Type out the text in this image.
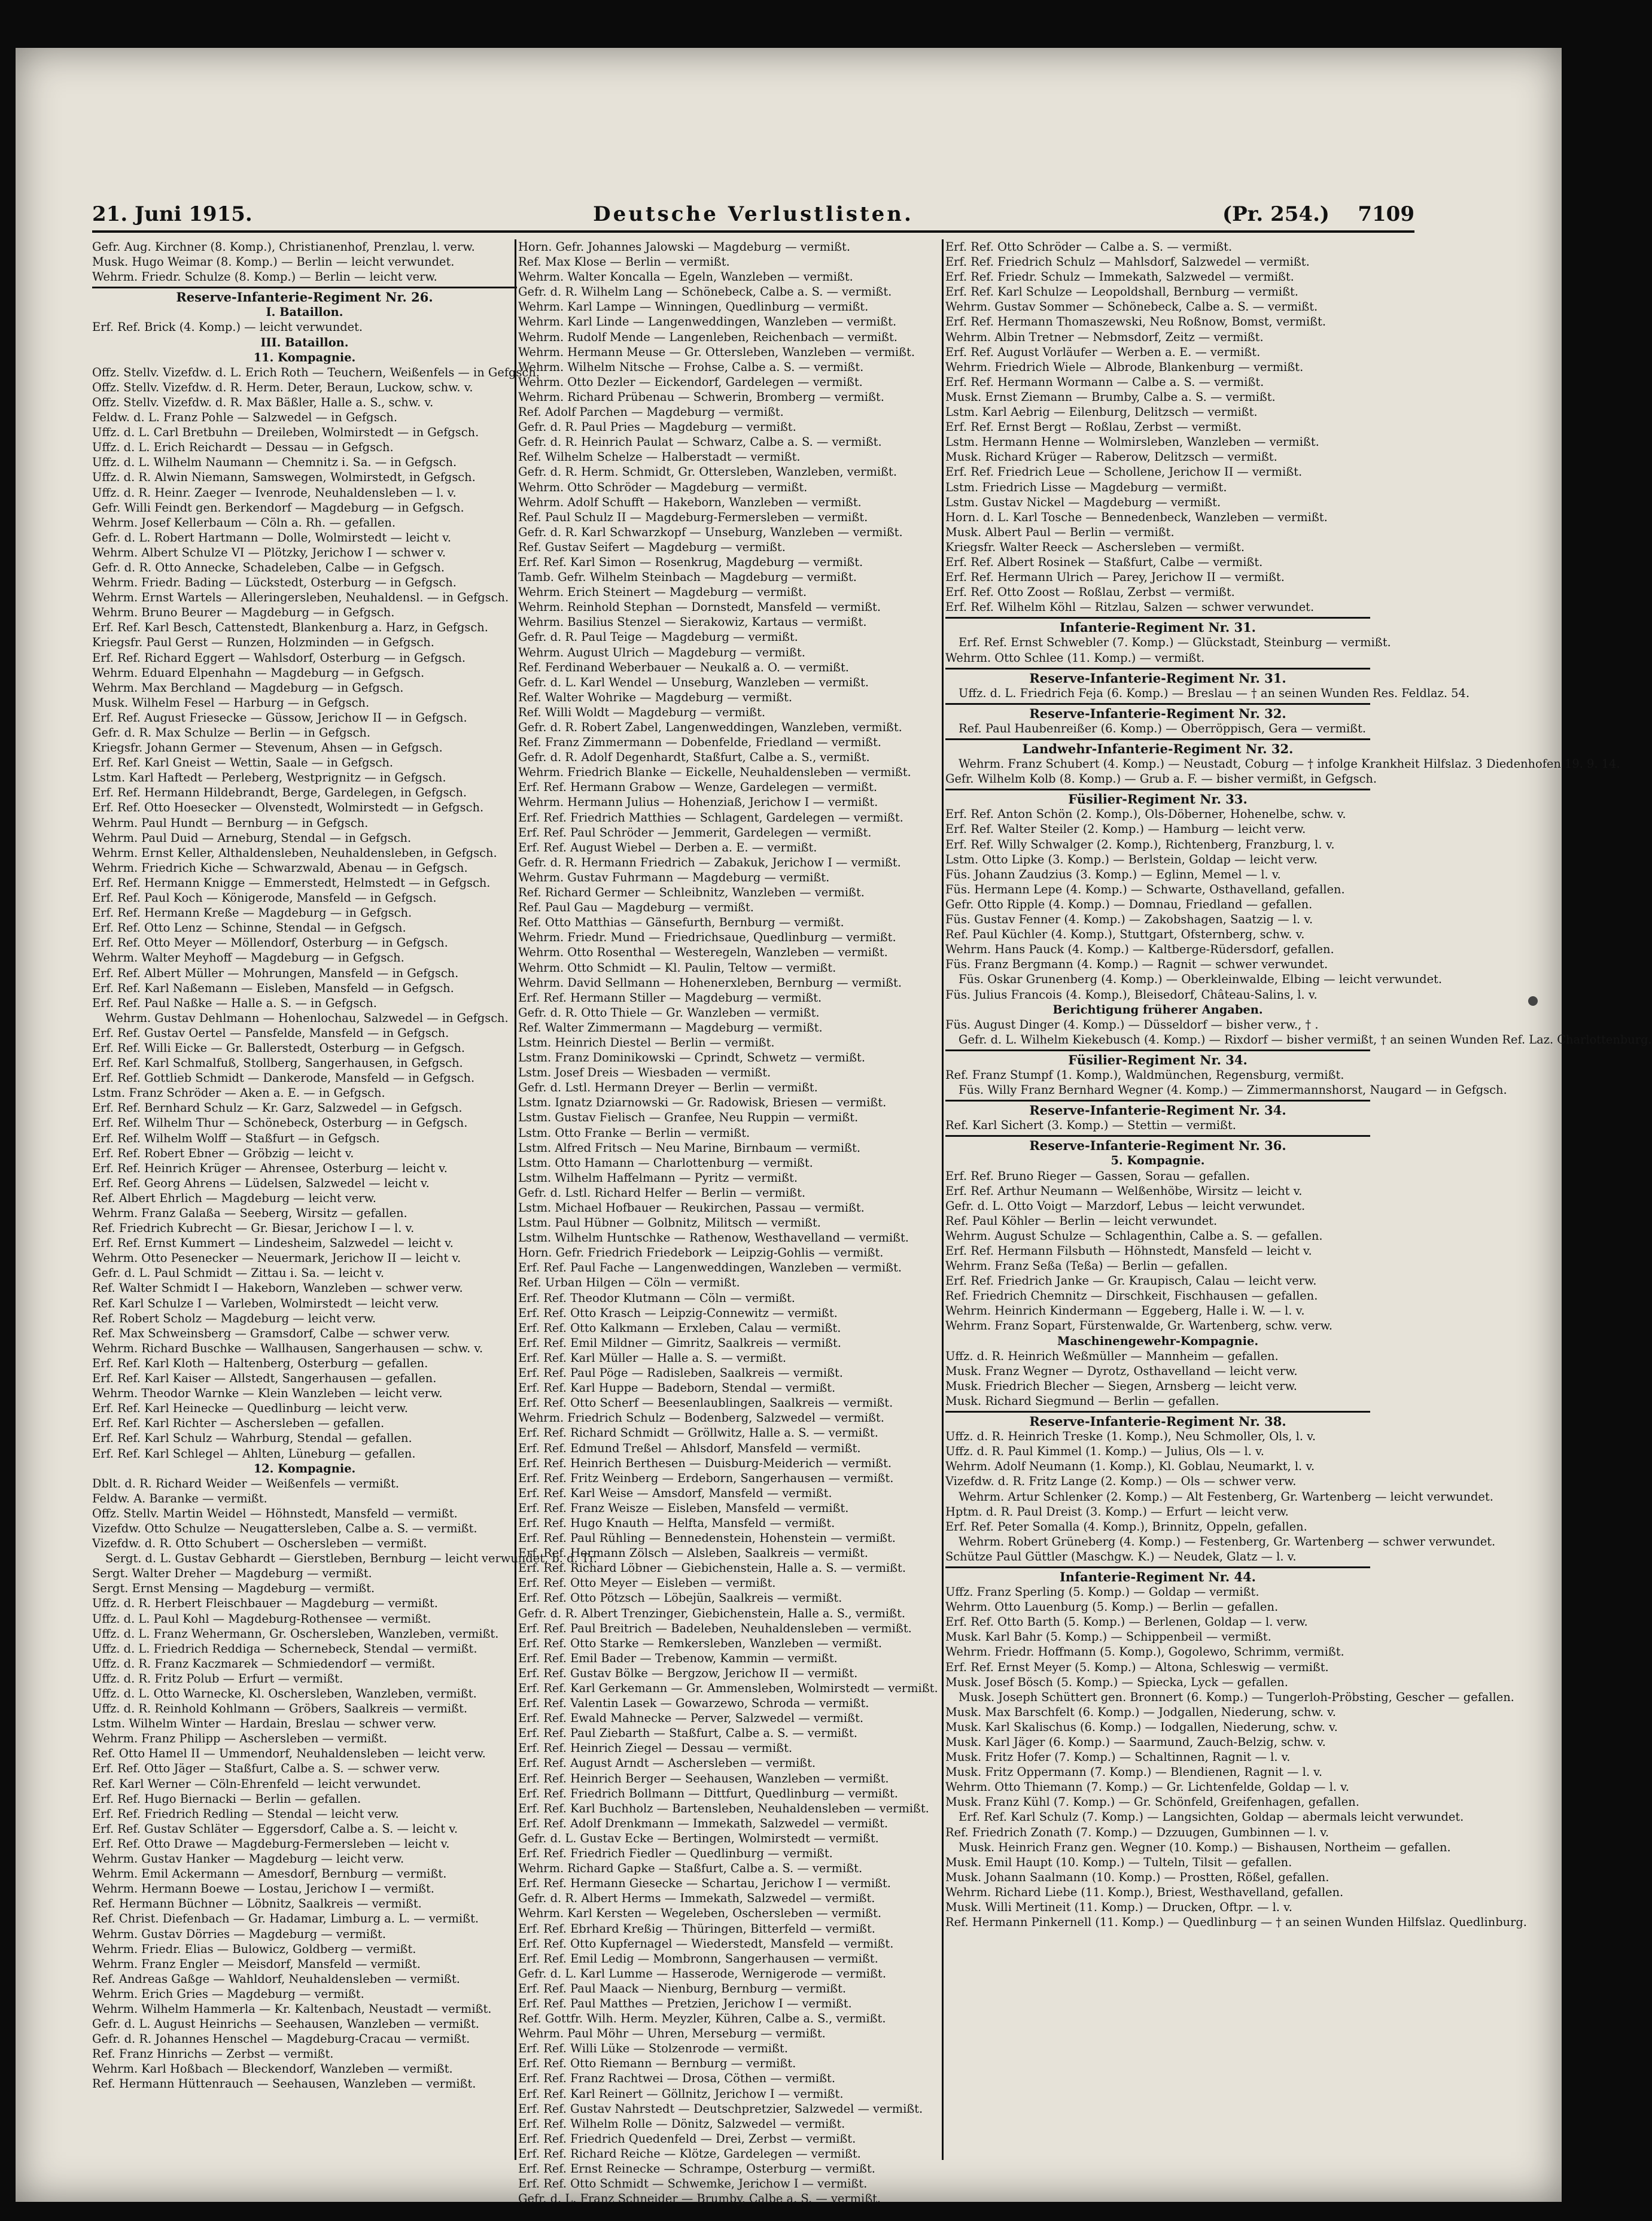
21. Juni 1915.	Deutsche Verlustlisten.	(Pr. 254.) 7109
Gefr. Aug. Kirchner (8. Komp.), Christianenhof, Prenzlau, l. verw.
Musk. Hugo Weimar (8. Komp.) — Berlin — leicht verwundet.
Wehrm. Friedr. Schulze (8. Komp.) — Berlin — leicht verw.
Reserve-Infanterie-Regiment Nr. 26.
I. Bataillon.
Erf. Ref. Brick (4. Komp.) — leicht verwundet.
III. Bataillon.
11. Kompagnie.
Offz. Stellv. Vizefdw. d. L. Erich Roth — Teuchern, Weißenfels — in Gefgsch.
Offz. Stellv. Vizefdw. d. R. Herm. Deter, Beraun, Luckow, schw. v.
Offz. Stellv. Vizefdw. d. R. Max Bäßler, Halle a. S., schw. v.
Feldw. d. L. Franz Pohle — Salzwedel — in Gefgsch.
Uffz. d. L. Carl Bretbuhn — Dreileben, Wolmirstedt — in Gefgsch.
Uffz. d. L. Erich Reichardt — Dessau — in Gefgsch.
Uffz. d. L. Wilhelm Naumann — Chemnitz i. Sa. — in Gefgsch.
Uffz. d. R. Alwin Niemann, Samswegen, Wolmirstedt, in Gefgsch.
Uffz. d. R. Heinr. Zaeger — Ivenrode, Neuhaldensleben — l. v.
Gefr. Willi Feindt gen. Berkendorf — Magdeburg — in Gefgsch.
Wehrm. Josef Kellerbaum — Cöln a. Rh. — gefallen.
Gefr. d. L. Robert Hartmann — Dolle, Wolmirstedt — leicht v.
Wehrm. Albert Schulze VI — Plötzky, Jerichow I — schwer v.
Gefr. d. R. Otto Annecke, Schadeleben, Calbe — in Gefgsch.
Wehrm. Friedr. Bading — Lückstedt, Osterburg — in Gefgsch.
Wehrm. Ernst Wartels — Alleringersleben, Neuhaldensl. — in Gefgsch.
Wehrm. Bruno Beurer — Magdeburg — in Gefgsch.
Erf. Ref. Karl Besch, Cattenstedt, Blankenburg a. Harz, in Gefgsch.
Kriegsfr. Paul Gerst — Runzen, Holzminden — in Gefgsch.
Erf. Ref. Richard Eggert — Wahlsdorf, Osterburg — in Gefgsch.
Wehrm. Eduard Elpenhahn — Magdeburg — in Gefgsch.
Wehrm. Max Berchland — Magdeburg — in Gefgsch.
Musk. Wilhelm Fesel — Harburg — in Gefgsch.
Erf. Ref. August Friesecke — Güssow, Jerichow II — in Gefgsch.
Gefr. d. R. Max Schulze — Berlin — in Gefgsch.
Kriegsfr. Johann Germer — Stevenum, Ahsen — in Gefgsch.
Erf. Ref. Karl Gneist — Wettin, Saale — in Gefgsch.
Lstm. Karl Haftedt — Perleberg, Westprignitz — in Gefgsch.
Erf. Ref. Hermann Hildebrandt, Berge, Gardelegen, in Gefgsch.
Erf. Ref. Otto Hoesecker — Olvenstedt, Wolmirstedt — in Gefgsch.
Wehrm. Paul Hundt — Bernburg — in Gefgsch.
Wehrm. Paul Duid — Arneburg, Stendal — in Gefgsch.
Wehrm. Ernst Keller, Althaldensleben, Neuhaldensleben, in Gefgsch.
Wehrm. Friedrich Kiche — Schwarzwald, Abenau — in Gefgsch.
Erf. Ref. Hermann Knigge — Emmerstedt, Helmstedt — in Gefgsch.
Erf. Ref. Paul Koch — Königerode, Mansfeld — in Gefgsch.
Erf. Ref. Hermann Kreße — Magdeburg — in Gefgsch.
Erf. Ref. Otto Lenz — Schinne, Stendal — in Gefgsch.
Erf. Ref. Otto Meyer — Möllendorf, Osterburg — in Gefgsch.
Wehrm. Walter Meyhoff — Magdeburg — in Gefgsch.
Erf. Ref. Albert Müller — Mohrungen, Mansfeld — in Gefgsch.
Erf. Ref. Karl Naßemann — Eisleben, Mansfeld — in Gefgsch.
Erf. Ref. Paul Naßke — Halle a. S. — in Gefgsch.
Wehrm. Gustav Dehlmann — Hohenlochau, Salzwedel — in Gefgsch.
Erf. Ref. Gustav Oertel — Pansfelde, Mansfeld — in Gefgsch.
Erf. Ref. Willi Eicke — Gr. Ballerstedt, Osterburg — in Gefgsch.
Erf. Ref. Karl Schmalfuß, Stollberg, Sangerhausen, in Gefgsch.
Erf. Ref. Gottlieb Schmidt — Dankerode, Mansfeld — in Gefgsch.
Lstm. Franz Schröder — Aken a. E. — in Gefgsch.
Erf. Ref. Bernhard Schulz — Kr. Garz, Salzwedel — in Gefgsch.
Erf. Ref. Wilhelm Thur — Schönebeck, Osterburg — in Gefgsch.
Erf. Ref. Wilhelm Wolff — Staßfurt — in Gefgsch.
Erf. Ref. Robert Ebner — Gröbzig — leicht v.
Erf. Ref. Heinrich Krüger — Ahrensee, Osterburg — leicht v.
Erf. Ref. Georg Ahrens — Lüdelsen, Salzwedel — leicht v.
Ref. Albert Ehrlich — Magdeburg — leicht verw.
Wehrm. Franz Galaßa — Seeberg, Wirsitz — gefallen.
Ref. Friedrich Kubrecht — Gr. Biesar, Jerichow I — l. v.
Erf. Ref. Ernst Kummert — Lindesheim, Salzwedel — leicht v.
Wehrm. Otto Pesenecker — Neuermark, Jerichow II — leicht v.
Gefr. d. L. Paul Schmidt — Zittau i. Sa. — leicht v.
Ref. Walter Schmidt I — Hakeborn, Wanzleben — schwer verw.
Ref. Karl Schulze I — Varleben, Wolmirstedt — leicht verw.
Ref. Robert Scholz — Magdeburg — leicht verw.
Ref. Max Schweinsberg — Gramsdorf, Calbe — schwer verw.
Wehrm. Richard Buschke — Wallhausen, Sangerhausen — schw. v.
Erf. Ref. Karl Kloth — Haltenberg, Osterburg — gefallen.
Erf. Ref. Karl Kaiser — Allstedt, Sangerhausen — gefallen.
Wehrm. Theodor Warnke — Klein Wanzleben — leicht verw.
Erf. Ref. Karl Heinecke — Quedlinburg — leicht verw.
Erf. Ref. Karl Richter — Aschersleben — gefallen.
Erf. Ref. Karl Schulz — Wahrburg, Stendal — gefallen.
Erf. Ref. Karl Schlegel — Ahlten, Lüneburg — gefallen.
12. Kompagnie.
Dblt. d. R. Richard Weider — Weißenfels — vermißt.
Feldw. A. Baranke — vermißt.
Offz. Stellv. Martin Weidel — Höhnstedt, Mansfeld — vermißt.
Vizefdw. Otto Schulze — Neugattersleben, Calbe a. S. — vermißt.
Vizefdw. d. R. Otto Schubert — Oschersleben — vermißt.
Sergt. d. L. Gustav Gebhardt — Gierstleben, Bernburg — leicht verwundet, b. d. Tr.
Sergt. Walter Dreher — Magdeburg — vermißt.
Sergt. Ernst Mensing — Magdeburg — vermißt.
Uffz. d. R. Herbert Fleischbauer — Magdeburg — vermißt.
Uffz. d. L. Paul Kohl — Magdeburg-Rothensee — vermißt.
Uffz. d. L. Franz Wehermann, Gr. Oschersleben, Wanzleben, vermißt.
Uffz. d. L. Friedrich Reddiga — Schernebeck, Stendal — vermißt.
Uffz. d. R. Franz Kaczmarek — Schmiedendorf — vermißt.
Uffz. d. R. Fritz Polub — Erfurt — vermißt.
Uffz. d. L. Otto Warnecke, Kl. Oschersleben, Wanzleben, vermißt.
Uffz. d. R. Reinhold Kohlmann — Gröbers, Saalkreis — vermißt.
Lstm. Wilhelm Winter — Hardain, Breslau — schwer verw.
Wehrm. Franz Philipp — Aschersleben — vermißt.
Ref. Otto Hamel II — Ummendorf, Neuhaldensleben — leicht verw.
Erf. Ref. Otto Jäger — Staßfurt, Calbe a. S. — schwer verw.
Ref. Karl Werner — Cöln-Ehrenfeld — leicht verwundet.
Erf. Ref. Hugo Biernacki — Berlin — gefallen.
Erf. Ref. Friedrich Redling — Stendal — leicht verw.
Erf. Ref. Gustav Schläter — Eggersdorf, Calbe a. S. — leicht v.
Erf. Ref. Otto Drawe — Magdeburg-Fermersleben — leicht v.
Wehrm. Gustav Hanker — Magdeburg — leicht verw.
Wehrm. Emil Ackermann — Amesdorf, Bernburg — vermißt.
Wehrm. Hermann Boewe — Lostau, Jerichow I — vermißt.
Ref. Hermann Büchner — Löbnitz, Saalkreis — vermißt.
Ref. Christ. Diefenbach — Gr. Hadamar, Limburg a. L. — vermißt.
Wehrm. Gustav Dörries — Magdeburg — vermißt.
Wehrm. Friedr. Elias — Bulowicz, Goldberg — vermißt.
Wehrm. Franz Engler — Meisdorf, Mansfeld — vermißt.
Ref. Andreas Gaßge — Wahldorf, Neuhaldensleben — vermißt.
Wehrm. Erich Gries — Magdeburg — vermißt.
Wehrm. Wilhelm Hammerla — Kr. Kaltenbach, Neustadt — vermißt.
Gefr. d. L. August Heinrichs — Seehausen, Wanzleben — vermißt.
Gefr. d. R. Johannes Henschel — Magdeburg-Cracau — vermißt.
Ref. Franz Hinrichs — Zerbst — vermißt.
Wehrm. Karl Hoßbach — Bleckendorf, Wanzleben — vermißt.
Ref. Hermann Hüttenrauch — Seehausen, Wanzleben — vermißt.
Horn. Gefr. Johannes Jalowski — Magdeburg — vermißt.
Ref. Max Klose — Berlin — vermißt.
Wehrm. Walter Koncalla — Egeln, Wanzleben — vermißt.
Gefr. d. R. Wilhelm Lang — Schönebeck, Calbe a. S. — vermißt.
Wehrm. Karl Lampe — Winningen, Quedlinburg — vermißt.
Wehrm. Karl Linde — Langenweddingen, Wanzleben — vermißt.
Wehrm. Rudolf Mende — Langenleben, Reichenbach — vermißt.
Wehrm. Hermann Meuse — Gr. Ottersleben, Wanzleben — vermißt.
Wehrm. Wilhelm Nitsche — Frohse, Calbe a. S. — vermißt.
Wehrm. Otto Dezler — Eickendorf, Gardelegen — vermißt.
Wehrm. Richard Prübenau — Schwerin, Bromberg — vermißt.
Ref. Adolf Parchen — Magdeburg — vermißt.
Gefr. d. R. Paul Pries — Magdeburg — vermißt.
Gefr. d. R. Heinrich Paulat — Schwarz, Calbe a. S. — vermißt.
Ref. Wilhelm Schelze — Halberstadt — vermißt.
Gefr. d. R. Herm. Schmidt, Gr. Ottersleben, Wanzleben, vermißt.
Wehrm. Otto Schröder — Magdeburg — vermißt.
Wehrm. Adolf Schufft — Hakeborn, Wanzleben — vermißt.
Ref. Paul Schulz II — Magdeburg-Fermersleben — vermißt.
Gefr. d. R. Karl Schwarzkopf — Unseburg, Wanzleben — vermißt.
Ref. Gustav Seifert — Magdeburg — vermißt.
Erf. Ref. Karl Simon — Rosenkrug, Magdeburg — vermißt.
Tamb. Gefr. Wilhelm Steinbach — Magdeburg — vermißt.
Wehrm. Erich Steinert — Magdeburg — vermißt.
Wehrm. Reinhold Stephan — Dornstedt, Mansfeld — vermißt.
Wehrm. Basilius Stenzel — Sierakowiz, Kartaus — vermißt.
Gefr. d. R. Paul Teige — Magdeburg — vermißt.
Wehrm. August Ulrich — Magdeburg — vermißt.
Ref. Ferdinand Weberbauer — Neukalß a. O. — vermißt.
Gefr. d. L. Karl Wendel — Unseburg, Wanzleben — vermißt.
Ref. Walter Wohrike — Magdeburg — vermißt.
Ref. Willi Woldt — Magdeburg — vermißt.
Gefr. d. R. Robert Zabel, Langenweddingen, Wanzleben, vermißt.
Ref. Franz Zimmermann — Dobenfelde, Friedland — vermißt.
Gefr. d. R. Adolf Degenhardt, Staßfurt, Calbe a. S., vermißt.
Wehrm. Friedrich Blanke — Eickelle, Neuhaldensleben — vermißt.
Erf. Ref. Hermann Grabow — Wenze, Gardelegen — vermißt.
Wehrm. Hermann Julius — Hohenziaß, Jerichow I — vermißt.
Erf. Ref. Friedrich Matthies — Schlagent, Gardelegen — vermißt.
Erf. Ref. Paul Schröder — Jemmerit, Gardelegen — vermißt.
Erf. Ref. August Wiebel — Derben a. E. — vermißt.
Gefr. d. R. Hermann Friedrich — Zabakuk, Jerichow I — vermißt.
Wehrm. Gustav Fuhrmann — Magdeburg — vermißt.
Ref. Richard Germer — Schleibnitz, Wanzleben — vermißt.
Ref. Paul Gau — Magdeburg — vermißt.
Ref. Otto Matthias — Gänsefurth, Bernburg — vermißt.
Wehrm. Friedr. Mund — Friedrichsaue, Quedlinburg — vermißt.
Wehrm. Otto Rosenthal — Westeregeln, Wanzleben — vermißt.
Wehrm. Otto Schmidt — Kl. Paulin, Teltow — vermißt.
Wehrm. David Sellmann — Hohenerxleben, Bernburg — vermißt.
Erf. Ref. Hermann Stiller — Magdeburg — vermißt.
Gefr. d. R. Otto Thiele — Gr. Wanzleben — vermißt.
Ref. Walter Zimmermann — Magdeburg — vermißt.
Lstm. Heinrich Diestel — Berlin — vermißt.
Lstm. Franz Dominikowski — Cprindt, Schwetz — vermißt.
Lstm. Josef Dreis — Wiesbaden — vermißt.
Gefr. d. Lstl. Hermann Dreyer — Berlin — vermißt.
Lstm. Ignatz Dziarnowski — Gr. Radowisk, Briesen — vermißt.
Lstm. Gustav Fielisch — Granfee, Neu Ruppin — vermißt.
Lstm. Otto Franke — Berlin — vermißt.
Lstm. Alfred Fritsch — Neu Marine, Birnbaum — vermißt.
Lstm. Otto Hamann — Charlottenburg — vermißt.
Lstm. Wilhelm Haffelmann — Pyritz — vermißt.
Gefr. d. Lstl. Richard Helfer — Berlin — vermißt.
Lstm. Michael Hofbauer — Reukirchen, Passau — vermißt.
Lstm. Paul Hübner — Golbnitz, Militsch — vermißt.
Lstm. Wilhelm Huntschke — Rathenow, Westhavelland — vermißt.
Horn. Gefr. Friedrich Friedebork — Leipzig-Gohlis — vermißt.
Erf. Ref. Paul Fache — Langenweddingen, Wanzleben — vermißt.
Ref. Urban Hilgen — Cöln — vermißt.
Erf. Ref. Theodor Klutmann — Cöln — vermißt.
Erf. Ref. Otto Krasch — Leipzig-Connewitz — vermißt.
Erf. Ref. Otto Kalkmann — Erxleben, Calau — vermißt.
Erf. Ref. Emil Mildner — Gimritz, Saalkreis — vermißt.
Erf. Ref. Karl Müller — Halle a. S. — vermißt.
Erf. Ref. Paul Pöge — Radisleben, Saalkreis — vermißt.
Erf. Ref. Karl Huppe — Badeborn, Stendal — vermißt.
Erf. Ref. Otto Scherf — Beesenlaublingen, Saalkreis — vermißt.
Wehrm. Friedrich Schulz — Bodenberg, Salzwedel — vermißt.
Erf. Ref. Richard Schmidt — Gröllwitz, Halle a. S. — vermißt.
Erf. Ref. Edmund Treßel — Ahlsdorf, Mansfeld — vermißt.
Erf. Ref. Heinrich Berthesen — Duisburg-Meiderich — vermißt.
Erf. Ref. Fritz Weinberg — Erdeborn, Sangerhausen — vermißt.
Erf. Ref. Karl Weise — Amsdorf, Mansfeld — vermißt.
Erf. Ref. Franz Weisze — Eisleben, Mansfeld — vermißt.
Erf. Ref. Hugo Knauth — Helfta, Mansfeld — vermißt.
Erf. Ref. Paul Rühling — Bennedenstein, Hohenstein — vermißt.
Erf. Ref. Hermann Zölsch — Alsleben, Saalkreis — vermißt.
Erf. Ref. Richard Löbner — Giebichenstein, Halle a. S. — vermißt.
Erf. Ref. Otto Meyer — Eisleben — vermißt.
Erf. Ref. Otto Pötzsch — Löbejün, Saalkreis — vermißt.
Gefr. d. R. Albert Trenzinger, Giebichenstein, Halle a. S., vermißt.
Erf. Ref. Paul Breitrich — Badeleben, Neuhaldensleben — vermißt.
Erf. Ref. Otto Starke — Remkersleben, Wanzleben — vermißt.
Erf. Ref. Emil Bader — Trebenow, Kammin — vermißt.
Erf. Ref. Gustav Bölke — Bergzow, Jerichow II — vermißt.
Erf. Ref. Karl Gerkemann — Gr. Ammensleben, Wolmirstedt — vermißt.
Erf. Ref. Valentin Lasek — Gowarzewo, Schroda — vermißt.
Erf. Ref. Ewald Mahnecke — Perver, Salzwedel — vermißt.
Erf. Ref. Paul Ziebarth — Staßfurt, Calbe a. S. — vermißt.
Erf. Ref. Heinrich Ziegel — Dessau — vermißt.
Erf. Ref. August Arndt — Aschersleben — vermißt.
Erf. Ref. Heinrich Berger — Seehausen, Wanzleben — vermißt.
Erf. Ref. Friedrich Bollmann — Dittfurt, Quedlinburg — vermißt.
Erf. Ref. Karl Buchholz — Bartensleben, Neuhaldensleben — vermißt.
Erf. Ref. Adolf Drenkmann — Immekath, Salzwedel — vermißt.
Gefr. d. L. Gustav Ecke — Bertingen, Wolmirstedt — vermißt.
Erf. Ref. Friedrich Fiedler — Quedlinburg — vermißt.
Wehrm. Richard Gapke — Staßfurt, Calbe a. S. — vermißt.
Erf. Ref. Hermann Giesecke — Schartau, Jerichow I — vermißt.
Gefr. d. R. Albert Herms — Immekath, Salzwedel — vermißt.
Wehrm. Karl Kersten — Wegeleben, Oschersleben — vermißt.
Erf. Ref. Ebrhard Kreßig — Thüringen, Bitterfeld — vermißt.
Erf. Ref. Otto Kupfernagel — Wiederstedt, Mansfeld — vermißt.
Erf. Ref. Emil Ledig — Mombronn, Sangerhausen — vermißt.
Gefr. d. L. Karl Lumme — Hasserode, Wernigerode — vermißt.
Erf. Ref. Paul Maack — Nienburg, Bernburg — vermißt.
Erf. Ref. Paul Matthes — Pretzien, Jerichow I — vermißt.
Ref. Gottfr. Wilh. Herm. Meyzler, Kühren, Calbe a. S., vermißt.
Wehrm. Paul Möhr — Uhren, Merseburg — vermißt.
Erf. Ref. Willi Lüke — Stolzenrode — vermißt.
Erf. Ref. Otto Riemann — Bernburg — vermißt.
Erf. Ref. Franz Rachtwei — Drosa, Cöthen — vermißt.
Erf. Ref. Karl Reinert — Göllnitz, Jerichow I — vermißt.
Erf. Ref. Gustav Nahrstedt — Deutschpretzier, Salzwedel — vermißt.
Erf. Ref. Wilhelm Rolle — Dönitz, Salzwedel — vermißt.
Erf. Ref. Friedrich Quedenfeld — Drei, Zerbst — vermißt.
Erf. Ref. Richard Reiche — Klötze, Gardelegen — vermißt.
Erf. Ref. Ernst Reinecke — Schrampe, Osterburg — vermißt.
Erf. Ref. Otto Schmidt — Schwemke, Jerichow I — vermißt.
Gefr. d. L. Franz Schneider — Brumby, Calbe a. S. — vermißt.
Erf. Ref. Otto Schröder — Calbe a. S. — vermißt.
Erf. Ref. Friedrich Schulz — Mahlsdorf, Salzwedel — vermißt.
Erf. Ref. Friedr. Schulz — Immekath, Salzwedel — vermißt.
Erf. Ref. Karl Schulze — Leopoldshall, Bernburg — vermißt.
Wehrm. Gustav Sommer — Schönebeck, Calbe a. S. — vermißt.
Erf. Ref. Hermann Thomaszewski, Neu Roßnow, Bomst, vermißt.
Wehrm. Albin Tretner — Nebmsdorf, Zeitz — vermißt.
Erf. Ref. August Vorläufer — Werben a. E. — vermißt.
Wehrm. Friedrich Wiele — Albrode, Blankenburg — vermißt.
Erf. Ref. Hermann Wormann — Calbe a. S. — vermißt.
Musk. Ernst Ziemann — Brumby, Calbe a. S. — vermißt.
Lstm. Karl Aebrig — Eilenburg, Delitzsch — vermißt.
Erf. Ref. Ernst Bergt — Roßlau, Zerbst — vermißt.
Lstm. Hermann Henne — Wolmirsleben, Wanzleben — vermißt.
Musk. Richard Krüger — Raberow, Delitzsch — vermißt.
Erf. Ref. Friedrich Leue — Schollene, Jerichow II — vermißt.
Lstm. Friedrich Lisse — Magdeburg — vermißt.
Lstm. Gustav Nickel — Magdeburg — vermißt.
Horn. d. L. Karl Tosche — Bennedenbeck, Wanzleben — vermißt.
Musk. Albert Paul — Berlin — vermißt.
Kriegsfr. Walter Reeck — Aschersleben — vermißt.
Erf. Ref. Albert Rosinek — Staßfurt, Calbe — vermißt.
Erf. Ref. Hermann Ulrich — Parey, Jerichow II — vermißt.
Erf. Ref. Otto Zoost — Roßlau, Zerbst — vermißt.
Erf. Ref. Wilhelm Köhl — Ritzlau, Salzen — schwer verwundet.
Infanterie-Regiment Nr. 31.
Erf. Ref. Ernst Schwebler (7. Komp.) — Glückstadt, Steinburg — vermißt.
Wehrm. Otto Schlee (11. Komp.) — vermißt.
Reserve-Infanterie-Regiment Nr. 31.
Uffz. d. L. Friedrich Feja (6. Komp.) — Breslau — † an seinen Wunden Res. Feldlaz. 54.
Reserve-Infanterie-Regiment Nr. 32.
Ref. Paul Haubenreißer (6. Komp.) — Oberröppisch, Gera — vermißt.
Landwehr-Infanterie-Regiment Nr. 32.
Wehrm. Franz Schubert (4. Komp.) — Neustadt, Coburg — † infolge Krankheit Hilfslaz. 3 Diedenhofen 19. 9. 14.
Gefr. Wilhelm Kolb (8. Komp.) — Grub a. F. — bisher vermißt, in Gefgsch.
Füsilier-Regiment Nr. 33.
Erf. Ref. Anton Schön (2. Komp.), Ols-Döberner, Hohenelbe, schw. v.
Erf. Ref. Walter Steiler (2. Komp.) — Hamburg — leicht verw.
Erf. Ref. Willy Schwalger (2. Komp.), Richtenberg, Franzburg, l. v.
Lstm. Otto Lipke (3. Komp.) — Berlstein, Goldap — leicht verw.
Füs. Johann Zaudzius (3. Komp.) — Eglinn, Memel — l. v.
Füs. Hermann Lepe (4. Komp.) — Schwarte, Osthavelland, gefallen.
Gefr. Otto Ripple (4. Komp.) — Domnau, Friedland — gefallen.
Füs. Gustav Fenner (4. Komp.) — Zakobshagen, Saatzig — l. v.
Ref. Paul Küchler (4. Komp.), Stuttgart, Ofsternberg, schw. v.
Wehrm. Hans Pauck (4. Komp.) — Kaltberge-Rüdersdorf, gefallen.
Füs. Franz Bergmann (4. Komp.) — Ragnit — schwer verwundet.
Füs. Oskar Grunenberg (4. Komp.) — Oberkleinwalde, Elbing — leicht verwundet.
Füs. Julius Francois (4. Komp.), Bleisedorf, Château-Salins, l. v.
Berichtigung früherer Angaben.
Füs. August Dinger (4. Komp.) — Düsseldorf — bisher verw., † .
Gefr. d. L. Wilhelm Kiekebusch (4. Komp.) — Rixdorf — bisher vermißt, † an seinen Wunden Ref. Laz. Charlottenburg.
Füsilier-Regiment Nr. 34.
Ref. Franz Stumpf (1. Komp.), Waldmünchen, Regensburg, vermißt.
Füs. Willy Franz Bernhard Wegner (4. Komp.) — Zimmermannshorst, Naugard — in Gefgsch.
Reserve-Infanterie-Regiment Nr. 34.
Ref. Karl Sichert (3. Komp.) — Stettin — vermißt.
Reserve-Infanterie-Regiment Nr. 36.
5. Kompagnie.
Erf. Ref. Bruno Rieger — Gassen, Sorau — gefallen.
Erf. Ref. Arthur Neumann — Welßenhöbe, Wirsitz — leicht v.
Gefr. d. L. Otto Voigt — Marzdorf, Lebus — leicht verwundet.
Ref. Paul Köhler — Berlin — leicht verwundet.
Wehrm. August Schulze — Schlagenthin, Calbe a. S. — gefallen.
Erf. Ref. Hermann Filsbuth — Höhnstedt, Mansfeld — leicht v.
Wehrm. Franz Seßa (Teßa) — Berlin — gefallen.
Erf. Ref. Friedrich Janke — Gr. Kraupisch, Calau — leicht verw.
Ref. Friedrich Chemnitz — Dirschkeit, Fischhausen — gefallen.
Wehrm. Heinrich Kindermann — Eggeberg, Halle i. W. — l. v.
Wehrm. Franz Sopart, Fürstenwalde, Gr. Wartenberg, schw. verw.
Maschinengewehr-Kompagnie.
Uffz. d. R. Heinrich Weßmüller — Mannheim — gefallen.
Musk. Franz Wegner — Dyrotz, Osthavelland — leicht verw.
Musk. Friedrich Blecher — Siegen, Arnsberg — leicht verw.
Musk. Richard Siegmund — Berlin — gefallen.
Reserve-Infanterie-Regiment Nr. 38.
Uffz. d. R. Heinrich Treske (1. Komp.), Neu Schmoller, Ols, l. v.
Uffz. d. R. Paul Kimmel (1. Komp.) — Julius, Ols — l. v.
Wehrm. Adolf Neumann (1. Komp.), Kl. Goblau, Neumarkt, l. v.
Vizefdw. d. R. Fritz Lange (2. Komp.) — Ols — schwer verw.
Wehrm. Artur Schlenker (2. Komp.) — Alt Festenberg, Gr. Wartenberg — leicht verwundet.
Hptm. d. R. Paul Dreist (3. Komp.) — Erfurt — leicht verw.
Erf. Ref. Peter Somalla (4. Komp.), Brinnitz, Oppeln, gefallen.
Wehrm. Robert Grüneberg (4. Komp.) — Festenberg, Gr. Wartenberg — schwer verwundet.
Schütze Paul Güttler (Maschgw. K.) — Neudek, Glatz — l. v.
Infanterie-Regiment Nr. 44.
Uffz. Franz Sperling (5. Komp.) — Goldap — vermißt.
Wehrm. Otto Lauenburg (5. Komp.) — Berlin — gefallen.
Erf. Ref. Otto Barth (5. Komp.) — Berlenen, Goldap — l. verw.
Musk. Karl Bahr (5. Komp.) — Schippenbeil — vermißt.
Wehrm. Friedr. Hoffmann (5. Komp.), Gogolewo, Schrimm, vermißt.
Erf. Ref. Ernst Meyer (5. Komp.) — Altona, Schleswig — vermißt.
Musk. Josef Bösch (5. Komp.) — Spiecka, Lyck — gefallen.
Musk. Joseph Schüttert gen. Bronnert (6. Komp.) — Tungerloh-Pröbsting, Gescher — gefallen.
Musk. Max Barschfelt (6. Komp.) — Jodgallen, Niederung, schw. v.
Musk. Karl Skalischus (6. Komp.) — Iodgallen, Niederung, schw. v.
Musk. Karl Jäger (6. Komp.) — Saarmund, Zauch-Belzig, schw. v.
Musk. Fritz Hofer (7. Komp.) — Schaltinnen, Ragnit — l. v.
Musk. Fritz Oppermann (7. Komp.) — Blendienen, Ragnit — l. v.
Wehrm. Otto Thiemann (7. Komp.) — Gr. Lichtenfelde, Goldap — l. v.
Musk. Franz Kühl (7. Komp.) — Gr. Schönfeld, Greifenhagen, gefallen.
Erf. Ref. Karl Schulz (7. Komp.) — Langsichten, Goldap — abermals leicht verwundet.
Ref. Friedrich Zonath (7. Komp.) — Dzzuugen, Gumbinnen — l. v.
Musk. Heinrich Franz gen. Wegner (10. Komp.) — Bishausen, Northeim — gefallen.
Musk. Emil Haupt (10. Komp.) — Tulteln, Tilsit — gefallen.
Musk. Johann Saalmann (10. Komp.) — Prostten, Rößel, gefallen.
Wehrm. Richard Liebe (11. Komp.), Briest, Westhavelland, gefallen.
Musk. Willi Mertineit (11. Komp.) — Drucken, Oftpr. — l. v.
Ref. Hermann Pinkernell (11. Komp.) — Quedlinburg — † an seinen Wunden Hilfslaz. Quedlinburg.
